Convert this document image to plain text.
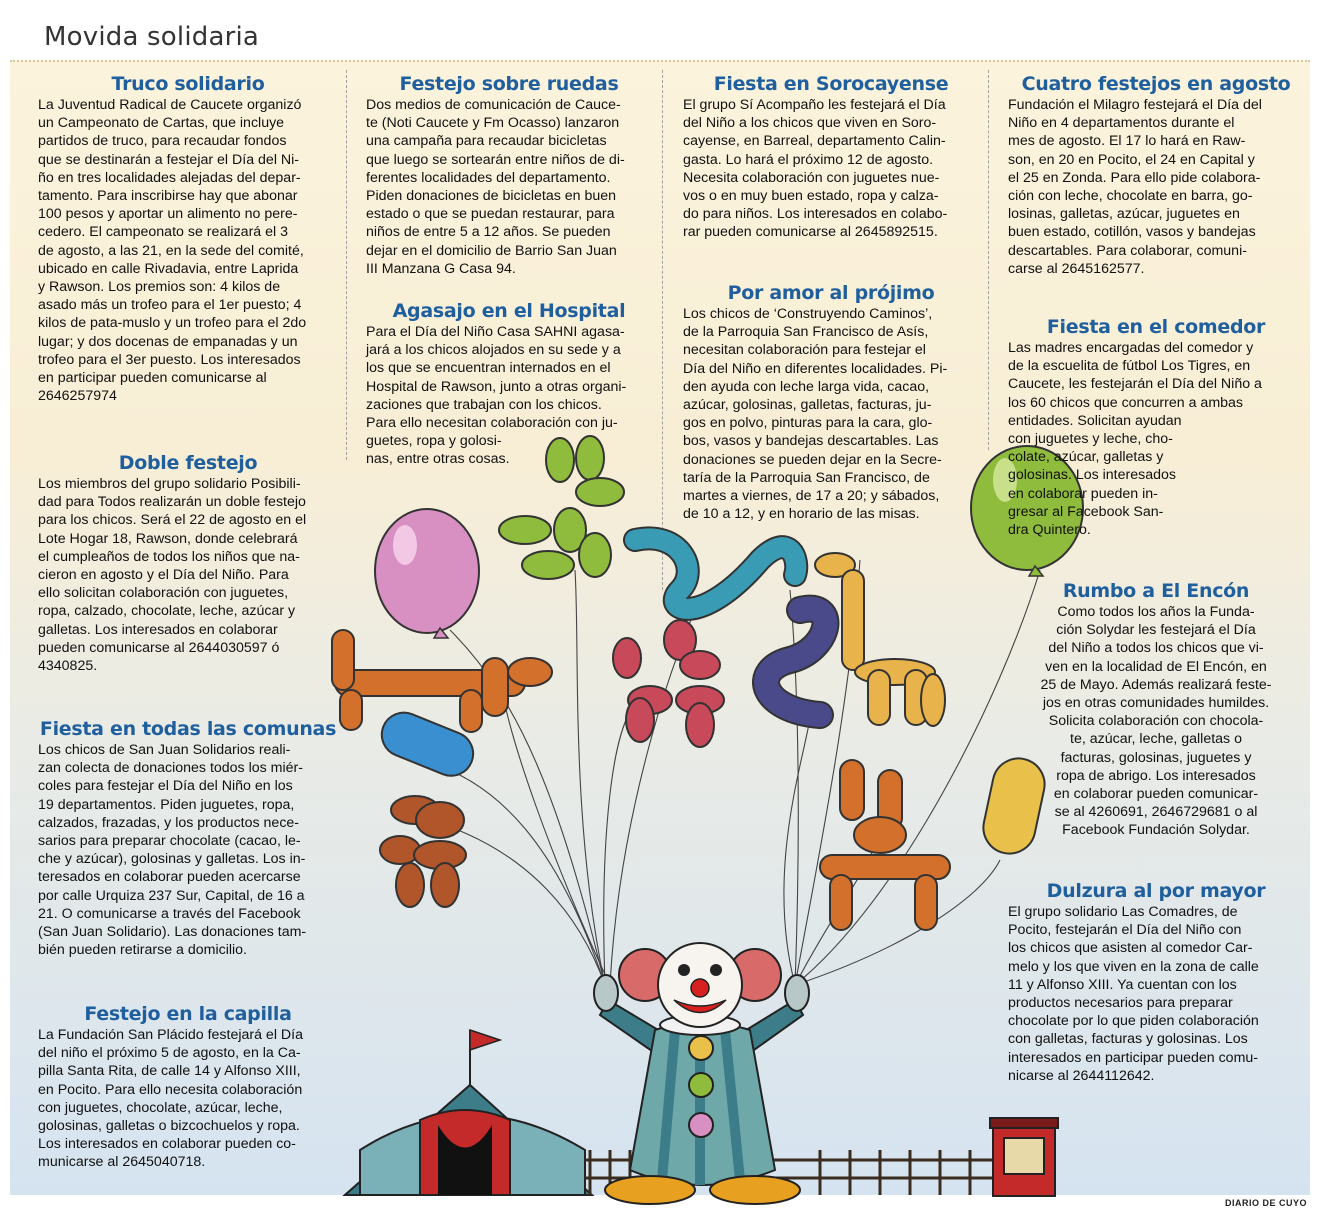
Movida solidaria
Truco solidario

La Juventud Radical de Caucete organizó
un Campeonato de Cartas, que incluye
partidos de truco, para recaudar fondos
que se destinarán a festejar el Día del Ni-
ño en tres localidades alejadas del depar-
tamento. Para inscribirse hay que abonar
100 pesos y aportar un alimento no pere-
cedero. El campeonato se realizará el 3
de agosto, a las 21, en la sede del comité,
ubicado en calle Rivadavia, entre Laprida
y Rawson. Los premios son: 4 kilos de
asado más un trofeo para el 1er puesto; 4
kilos de pata-muslo y un trofeo para el 2do
lugar; y dos docenas de empanadas y un
trofeo para el 3er puesto. Los interesados
en participar pueden comunicarse al
2646257974

Doble festejo

Los miembros del grupo solidario Posibili-
dad para Todos realizarán un doble festejo
para los chicos. Será el 22 de agosto en el
Lote Hogar 18, Rawson, donde celebrará
el cumpleaños de todos los niños que na-
cieron en agosto y el Día del Niño. Para
ello solicitan colaboración con juguetes,
ropa, calzado, chocolate, leche, azúcar y
galletas. Los interesados en colaborar
pueden comunicarse al 2644030597 ó
4340825.

Fiesta en todas las comunas

Los chicos de San Juan Solidarios reali-
zan colecta de donaciones todos los miér-
coles para festejar el Día del Niño en los
19 departamentos. Piden juguetes, ropa,
calzados, frazadas, y los productos nece-
sarios para preparar chocolate (cacao, le-
che y azúcar), golosinas y galletas. Los in-
teresados en colaborar pueden acercarse
por calle Urquiza 237 Sur, Capital, de 16 a
21. O comunicarse a través del Facebook
(San Juan Solidario). Las donaciones tam-
bién pueden retirarse a domicilio.

Festejo en la capilla

La Fundación San Plácido festejará el Día
del niño el próximo 5 de agosto, en la Ca-
pilla Santa Rita, de calle 14 y Alfonso XIII,
en Pocito. Para ello necesita colaboración
con juguetes, chocolate, azúcar, leche,
golosinas, galletas o bizcochuelos y ropa.
Los interesados en colaborar pueden co-
municarse al 2645040718.

Festejo sobre ruedas

Dos medios de comunicación de Cauce-
te (Noti Caucete y Fm Ocasso) lanzaron
una campaña para recaudar bicicletas
que luego se sortearán entre niños de di-
ferentes localidades del departamento.
Piden donaciones de bicicletas en buen
estado o que se puedan restaurar, para
niños de entre 5 a 12 años. Se pueden
dejar en el domicilio de Barrio San Juan
III Manzana G Casa 94.

Agasajo en el Hospital

Para el Día del Niño Casa SAHNI agasa-
jará a los chicos alojados en su sede y a
los que se encuentran internados en el
Hospital de Rawson, junto a otras organi-
zaciones que trabajan con los chicos.
Para ello necesitan colaboración con ju-
guetes, ropa y golosi-
nas, entre otras cosas.

Fiesta en Sorocayense

El grupo Sí Acompaño les festejará el Día
del Niño a los chicos que viven en Soro-
cayense, en Barreal, departamento Calin-
gasta. Lo hará el próximo 12 de agosto.
Necesita colaboración con juguetes nue-
vos o en muy buen estado, ropa y calza-
do para niños. Los interesados en colabo-
rar pueden comunicarse al 2645892515.

Por amor al prójimo

Los chicos de ‘Construyendo Caminos’,
de la Parroquia San Francisco de Asís,
necesitan colaboración para festejar el
Día del Niño en diferentes localidades. Pi-
den ayuda con leche larga vida, cacao,
azúcar, golosinas, galletas, facturas, ju-
gos en polvo, pinturas para la cara, glo-
bos, vasos y bandejas descartables. Las
donaciones se pueden dejar en la Secre-
taría de la Parroquia San Francisco, de
martes a viernes, de 17 a 20; y sábados,
de 10 a 12, y en horario de las misas.

Cuatro festejos en agosto

Fundación el Milagro festejará el Día del
Niño en 4 departamentos durante el
mes de agosto. El 17 lo hará en Raw-
son, en 20 en Pocito, el 24 en Capital y
el 25 en Zonda. Para ello pide colabora-
ción con leche, chocolate en barra, go-
losinas, galletas, azúcar, juguetes en
buen estado, cotillón, vasos y bandejas
descartables. Para colaborar, comuni-
carse al 2645162577.

Fiesta en el comedor

Las madres encargadas del comedor y
de la escuelita de fútbol Los Tigres, en
Caucete, les festejarán el Día del Niño a
los 60 chicos que concurren a ambas
entidades. Solicitan ayudan
con juguetes y leche, cho-
colate, azúcar, galletas y
golosinas. Los interesados
en colaborar pueden in-
gresar al Facebook San-
dra Quintero.

Rumbo a El Encón

Como todos los años la Funda-
ción Solydar les festejará el Día
del Niño a todos los chicos que vi-
ven en la localidad de El Encón, en
25 de Mayo. Además realizará feste-
jos en otras comunidades humildes.
Solicita colaboración con chocola-
te, azúcar, leche, galletas o
facturas, golosinas, juguetes y
ropa de abrigo. Los interesados
en colaborar pueden comunicar-
se al 4260691, 2646729681 o al
Facebook Fundación Solydar.

Dulzura al por mayor

El grupo solidario Las Comadres, de
Pocito, festejarán el Día del Niño con
los chicos que asisten al comedor Car-
melo y los que viven en la zona de calle
11 y Alfonso XIII. Ya cuentan con los
productos necesarios para preparar
chocolate por lo que piden colaboración
con galletas, facturas y golosinas. Los
interesados en participar pueden comu-
nicarse al 2644112642.

DIARIO DE CUYO
